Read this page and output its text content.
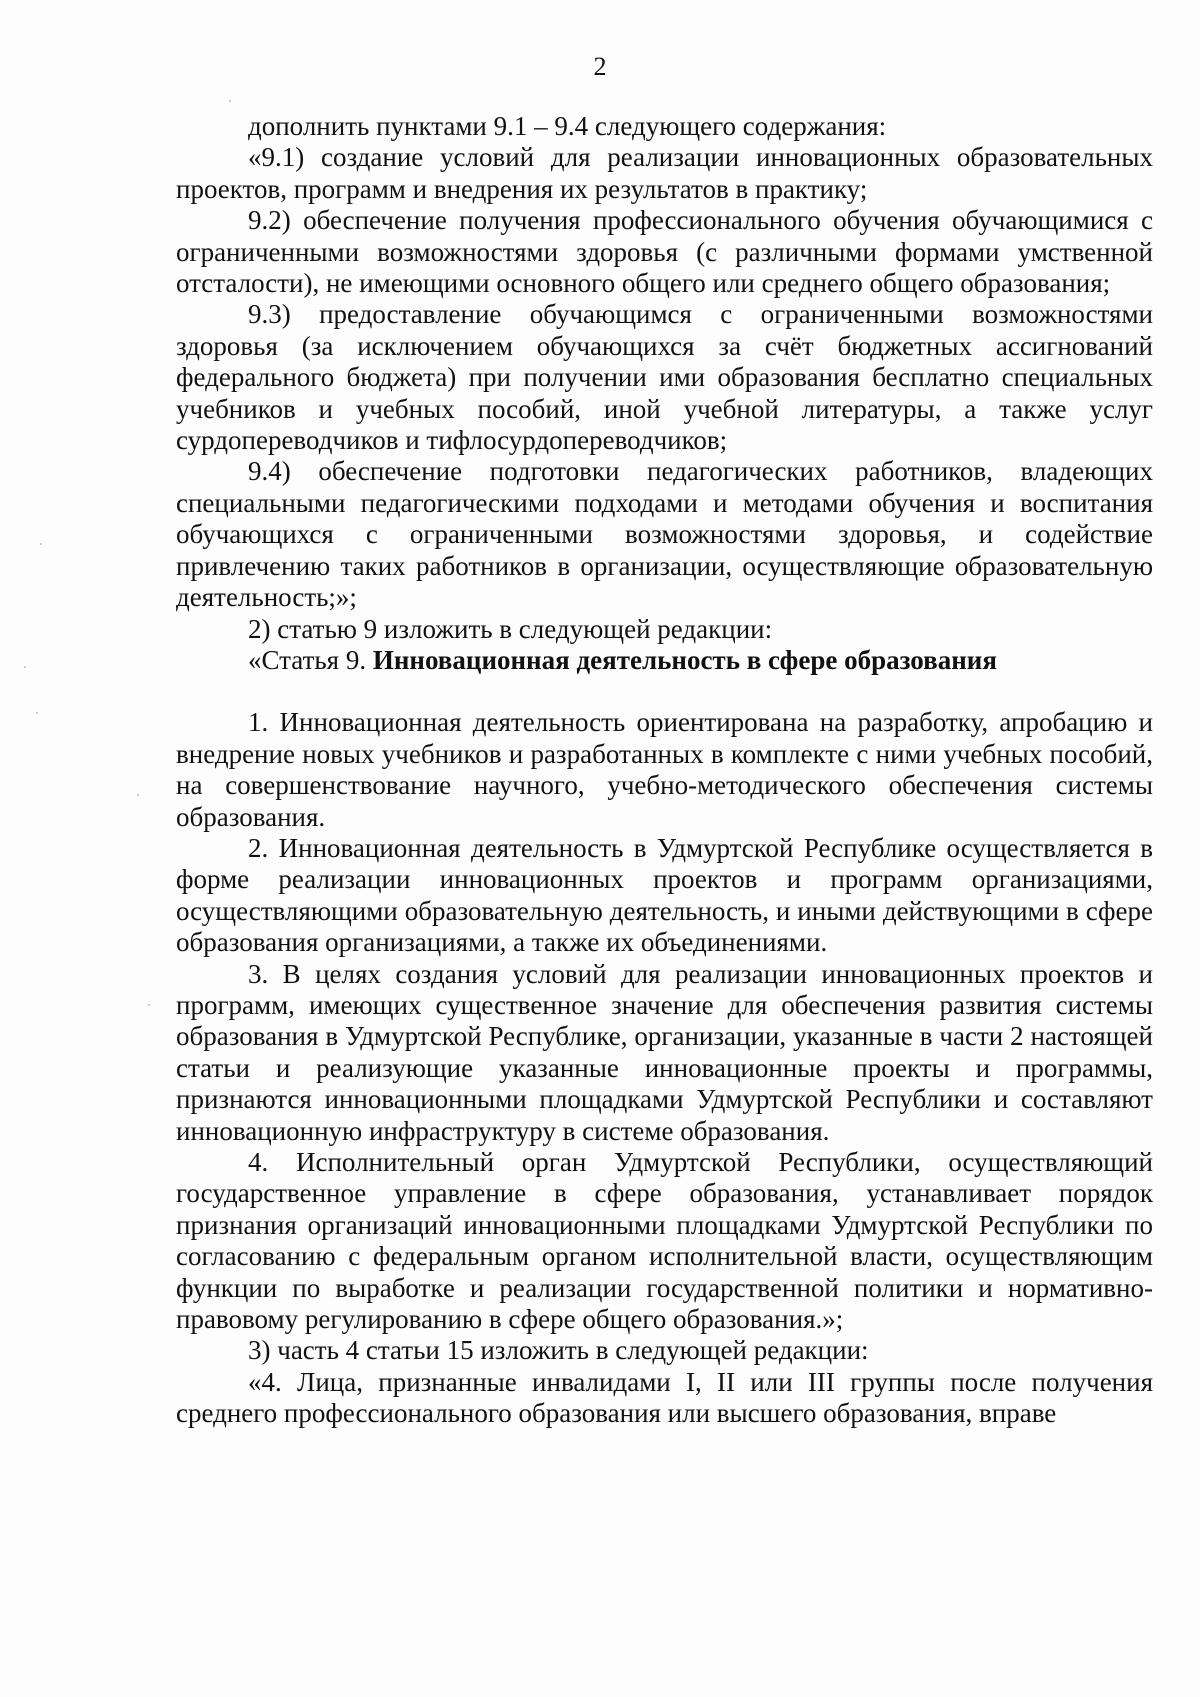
2

дополнить пунктами 9.1 – 9.4 следующего содержания:

«9.1) создание условий для реализации инновационных образовательных проектов, программ и внедрения их результатов в практику;

9.2) обеспечение получения профессионального обучения обучающимися с ограниченными возможностями здоровья (с различными формами умственной отсталости), не имеющими основного общего или среднего общего образования;

9.3) предоставление обучающимся с ограниченными возможностями здоровья (за исключением обучающихся за счёт бюджетных ассигнований федерального бюджета) при получении ими образования бесплатно специальных учебников и учебных пособий, иной учебной литературы, а также услуг сурдопереводчиков и тифлосурдопереводчиков;

9.4) обеспечение подготовки педагогических работников, владеющих специальными педагогическими подходами и методами обучения и воспитания обучающихся с ограниченными возможностями здоровья, и содействие привлечению таких работников в организации, осуществляющие образовательную деятельность;»;

2) статью 9 изложить в следующей редакции:

«Статья 9. Инновационная деятельность в сфере образования

1. Инновационная деятельность ориентирована на разработку, апробацию и внедрение новых учебников и разработанных в комплекте с ними учебных пособий, на совершенствование научного, учебно-методического обеспечения системы образования.

2. Инновационная деятельность в Удмуртской Республике осуществляется в форме реализации инновационных проектов и программ организациями, осуществляющими образовательную деятельность, и иными действующими в сфере образования организациями, а также их объединениями.

3. В целях создания условий для реализации инновационных проектов и программ, имеющих существенное значение для обеспечения развития системы образования в Удмуртской Республике, организации, указанные в части 2 настоящей статьи и реализующие указанные инновационные проекты и программы, признаются инновационными площадками Удмуртской Республики и составляют инновационную инфраструктуру в системе образования.

4. Исполнительный орган Удмуртской Республики, осуществляющий государственное управление в сфере образования, устанавливает порядок признания организаций инновационными площадками Удмуртской Республики по согласованию с федеральным органом исполнительной власти, осуществляющим функции по выработке и реализации государственной политики и нормативно-правовому регулированию в сфере общего образования.»;

3) часть 4 статьи 15 изложить в следующей редакции:

«4. Лица, признанные инвалидами I, II или III группы после получения среднего профессионального образования или высшего образования, вправе
